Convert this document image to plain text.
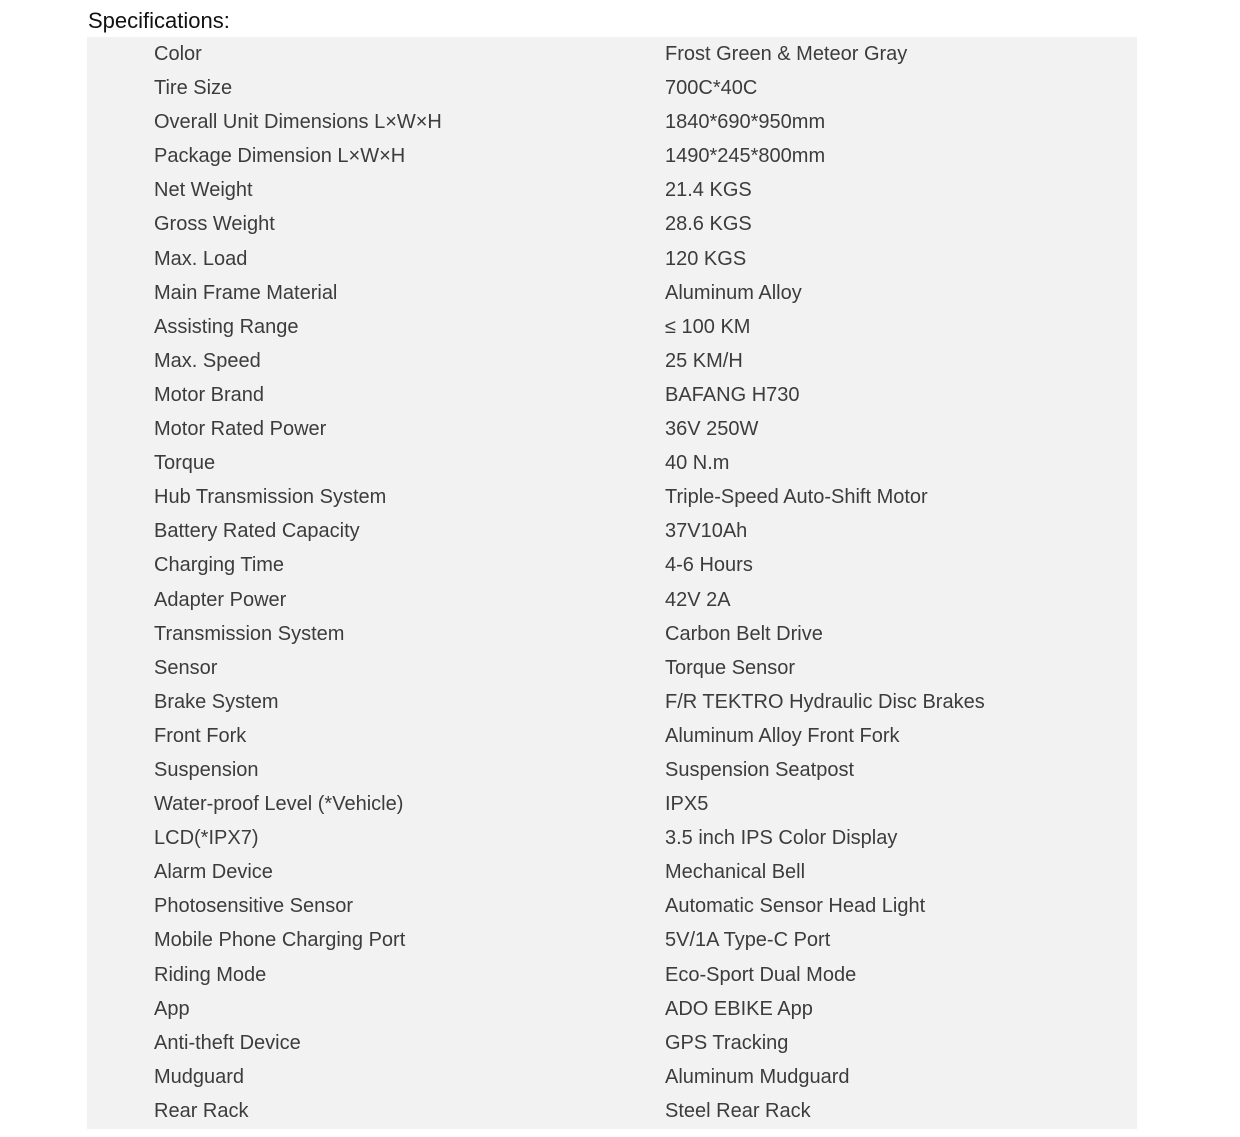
Specifications:
Color	Frost Green & Meteor Gray
Tire Size	700C*40C
Overall Unit Dimensions L×W×H	1840*690*950mm
Package Dimension L×W×H	1490*245*800mm
Net Weight	21.4 KGS
Gross Weight	28.6 KGS
Max. Load	120 KGS
Main Frame Material	Aluminum Alloy
Assisting Range	≤ 100 KM
Max. Speed	25 KM/H
Motor Brand	BAFANG H730
Motor Rated Power	36V 250W
Torque	40 N.m
Hub Transmission System	Triple-Speed Auto-Shift Motor
Battery Rated Capacity	37V10Ah
Charging Time	4-6 Hours
Adapter Power	42V 2A
Transmission System	Carbon Belt Drive
Sensor	Torque Sensor
Brake System	F/R TEKTRO Hydraulic Disc Brakes
Front Fork	Aluminum Alloy Front Fork
Suspension	Suspension Seatpost
Water-proof Level (*Vehicle)	IPX5
LCD(*IPX7)	3.5 inch IPS Color Display
Alarm Device	Mechanical Bell
Photosensitive Sensor	Automatic Sensor Head Light
Mobile Phone Charging Port	5V/1A Type-C Port
Riding Mode	Eco-Sport Dual Mode
App	ADO EBIKE App
Anti-theft Device	GPS Tracking
Mudguard	Aluminum Mudguard
Rear Rack	Steel Rear Rack
